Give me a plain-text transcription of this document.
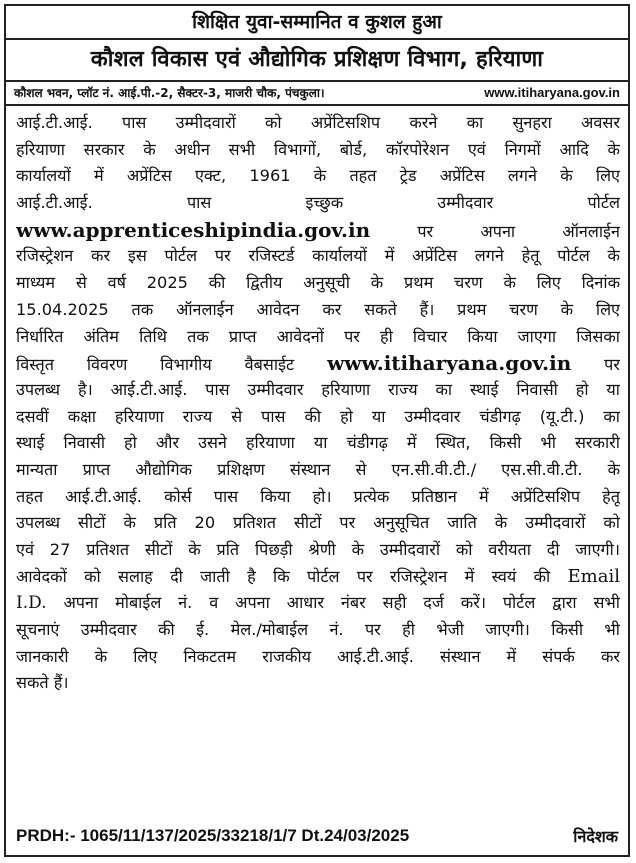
शिक्षित युवा-सम्मानित व कुशल हुआ
कौशल विकास एवं औद्योगिक प्रशिक्षण विभाग, हरियाणा
कौशल भवन, प्लॉट नं. आई.पी.-2, सैक्टर-3, माजरी चौक, पंचकुला।	www.itiharyana.gov.in
आई.टी.आई. पास उम्मीदवारों को अप्रेंटिसशिप करने का सुनहरा अवसर
हरियाणा सरकार के अधीन सभी विभागों, बोर्ड, कॉरपोरेशन एवं निगमों आदि के
कार्यालयों में अप्रेंटिस एक्ट, 1961 के तहत ट्रेड अप्रेंटिस लगने के लिए
आई.टी.आई. पास इच्छुक उम्मीदवार पोर्टल
www.apprenticeshipindia.gov.in	पर अपना ऑनलाईन
रजिस्ट्रेशन कर इस पोर्टल पर रजिस्टर्ड कार्यालयों में अप्रेंटिस लगने हेतू पोर्टल के
माध्यम से वर्ष 2025 की द्वितीय अनुसूची के प्रथम चरण के लिए दिनांक
15.04.2025 तक ऑनलाईन आवेदन कर सकते हैं। प्रथम चरण के लिए
निर्धारित अंतिम तिथि तक प्राप्त आवेदनों पर ही विचार किया जाएगा जिसका
विस्तृत विवरण विभागीय वैबसाईट www.itiharyana.gov.in पर
उपलब्ध है। आई.टी.आई. पास उम्मीदवार हरियाणा राज्य का स्थाई निवासी हो या
दसवीं कक्षा हरियाणा राज्य से पास की हो या उम्मीदवार चंडीगढ़ (यू.टी.) का
स्थाई निवासी हो और उसने हरियाणा या चंडीगढ़ में स्थित, किसी भी सरकारी
मान्यता प्राप्त औद्योगिक प्रशिक्षण संस्थान से एन.सी.वी.टी./ एस.सी.वी.टी. के
तहत आई.टी.आई. कोर्स पास किया हो। प्रत्येक प्रतिष्ठान में अप्रेंटिसशिप हेतू
उपलब्ध सीटों के प्रति 20 प्रतिशत सीटों पर अनुसूचित जाति के उम्मीदवारों को
एवं 27 प्रतिशत सीटों के प्रति पिछड़ी श्रेणी के उम्मीदवारों को वरीयता दी जाएगी।
आवेदकों को सलाह दी जाती है कि पोर्टल पर रजिस्ट्रेशन में स्वयं की Email
I.D. अपना मोबाईल नं. व अपना आधार नंबर सही दर्ज करें। पोर्टल द्वारा सभी
सूचनाएं उम्मीदवार की ई. मेल./मोबाईल नं. पर ही भेजी जाएगी। किसी भी
जानकारी के लिए निकटतम राजकीय आई.टी.आई. संस्थान में संपर्क कर
सकते हैं।
PRDH:- 1065/11/137/2025/33218/1/7 Dt.24/03/2025	निदेशक
